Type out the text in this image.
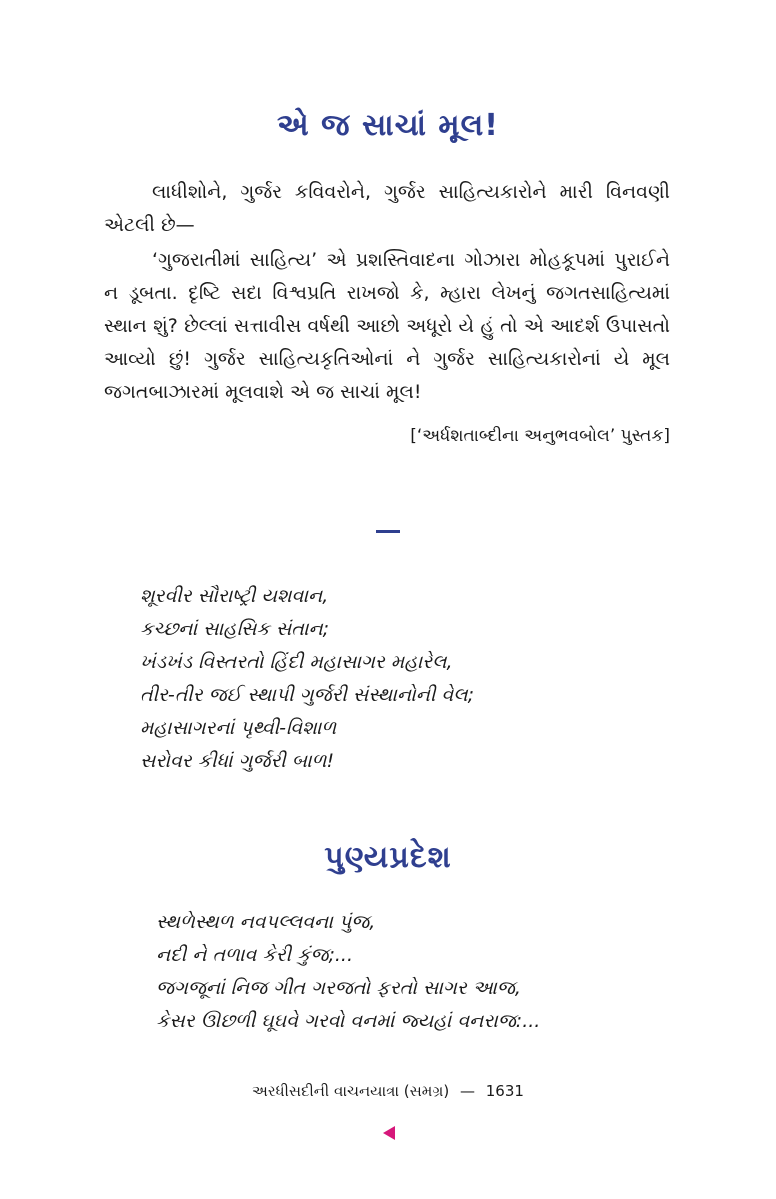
એ જ સાચાં મૂલ!

લાધીશોને, ગુર્જર કવિવરોને, ગુર્જર સાહિત્યકારોને મારી વિનવણી એટલી છે—

‘ગુજરાતીમાં સાહિત્ય’ એ પ્રશસ્તિવાદના ગોઝારા મોહકૂપમાં પુરાઈને ન ડૂબતા. દૃષ્ટિ સદા વિશ્વપ્રતિ રાખજો કે, મ્હારા લેખનું જગતસાહિત્યમાં સ્થાન શું? છેલ્લાં સત્તાવીસ વર્ષથી આછો અધૂરો યે હું તો એ આદર્શ ઉપાસતો આવ્યો છું! ગુર્જર સાહિત્યકૃતિઓનાં ને ગુર્જર સાહિત્યકારોનાં યે મૂલ જગતબાઝારમાં મૂલવાશે એ જ સાચાં મૂલ!

[‘અર્ધશતાબ્દીના અનુભવબોલ’ પુસ્તક]
શૂરવીર સૌરાષ્ટ્રી યશવાન,
કચ્છનાં સાહસિક સંતાન;
ખંડખંડ વિસ્તરતો હિંદી મહાસાગર મહારેલ,
તીર-તીર જઈ સ્થાપી ગુર્જરી સંસ્થાનોની વેલ;
મહાસાગરનાં પૃથ્વી-વિશાળ
સરોવર કીધાં ગુર્જરી બાળ!
પુણ્યપ્રદેશ
સ્થળેસ્થળ નવપલ્લવના પુંજ,
નદી ને તળાવ કેરી કુંજ;...
જગજૂનાં નિજ ગીત ગરજતો ફરતો સાગર આજ,
કેસર ઊછળી ઘૂઘવે ગરવો વનમાં જ્યહાં વનરાજ:...
અરધીસદીની વાચનયાત્રા (સમગ્ર) — 1631
